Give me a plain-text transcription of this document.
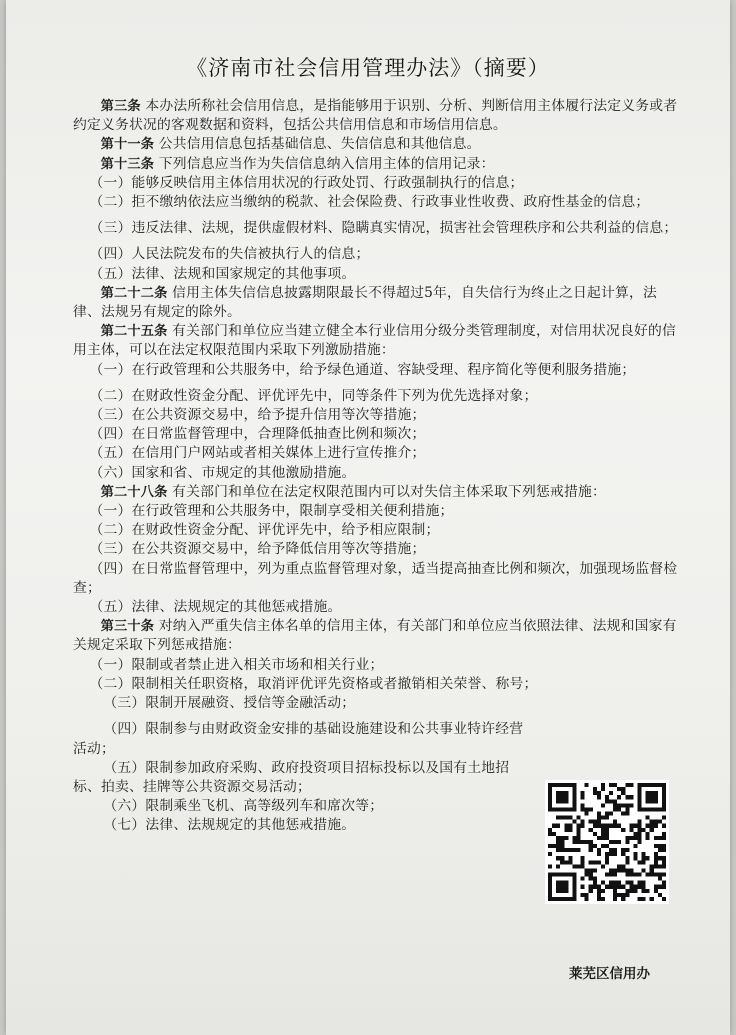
《济南市社会信用管理办法》（摘要）
第三条 本办法所称社会信用信息，是指能够用于识别、分析、判断信用主体履行法定义务或者约定义务状况的客观数据和资料，包括公共信用信息和市场信用信息。
第十一条 公共信用信息包括基础信息、失信信息和其他信息。
第十三条 下列信息应当作为失信信息纳入信用主体的信用记录：
（一）能够反映信用主体信用状况的行政处罚、行政强制执行的信息；
（二）拒不缴纳依法应当缴纳的税款、社会保险费、行政事业性收费、政府性基金的信息；
（三）违反法律、法规，提供虚假材料、隐瞒真实情况，损害社会管理秩序和公共利益的信息；
（四）人民法院发布的失信被执行人的信息；
（五）法律、法规和国家规定的其他事项。
第二十二条 信用主体失信信息披露期限最长不得超过5年，自失信行为终止之日起计算，法律、法规另有规定的除外。
第二十五条 有关部门和单位应当建立健全本行业信用分级分类管理制度，对信用状况良好的信用主体，可以在法定权限范围内采取下列激励措施：
（一）在行政管理和公共服务中，给予绿色通道、容缺受理、程序简化等便利服务措施；
（二）在财政性资金分配、评优评先中，同等条件下列为优先选择对象；
（三）在公共资源交易中，给予提升信用等次等措施；
（四）在日常监督管理中，合理降低抽查比例和频次；
（五）在信用门户网站或者相关媒体上进行宣传推介；
（六）国家和省、市规定的其他激励措施。
第二十八条 有关部门和单位在法定权限范围内可以对失信主体采取下列惩戒措施：
（一）在行政管理和公共服务中，限制享受相关便利措施；
（二）在财政性资金分配、评优评先中，给予相应限制；
（三）在公共资源交易中，给予降低信用等次等措施；
（四）在日常监督管理中，列为重点监督管理对象，适当提高抽查比例和频次，加强现场监督检查；
（五）法律、法规规定的其他惩戒措施。
第三十条 对纳入严重失信主体名单的信用主体，有关部门和单位应当依照法律、法规和国家有关规定采取下列惩戒措施：
（一）限制或者禁止进入相关市场和相关行业；
（二）限制相关任职资格，取消评优评先资格或者撤销相关荣誉、称号；
（三）限制开展融资、授信等金融活动；
（四）限制参与由财政资金安排的基础设施建设和公共事业特许经营活动；
（五）限制参加政府采购、政府投资项目招标投标以及国有土地招标、拍卖、挂牌等公共资源交易活动；
（六）限制乘坐飞机、高等级列车和席次等；
（七）法律、法规规定的其他惩戒措施。
莱芜区信用办
